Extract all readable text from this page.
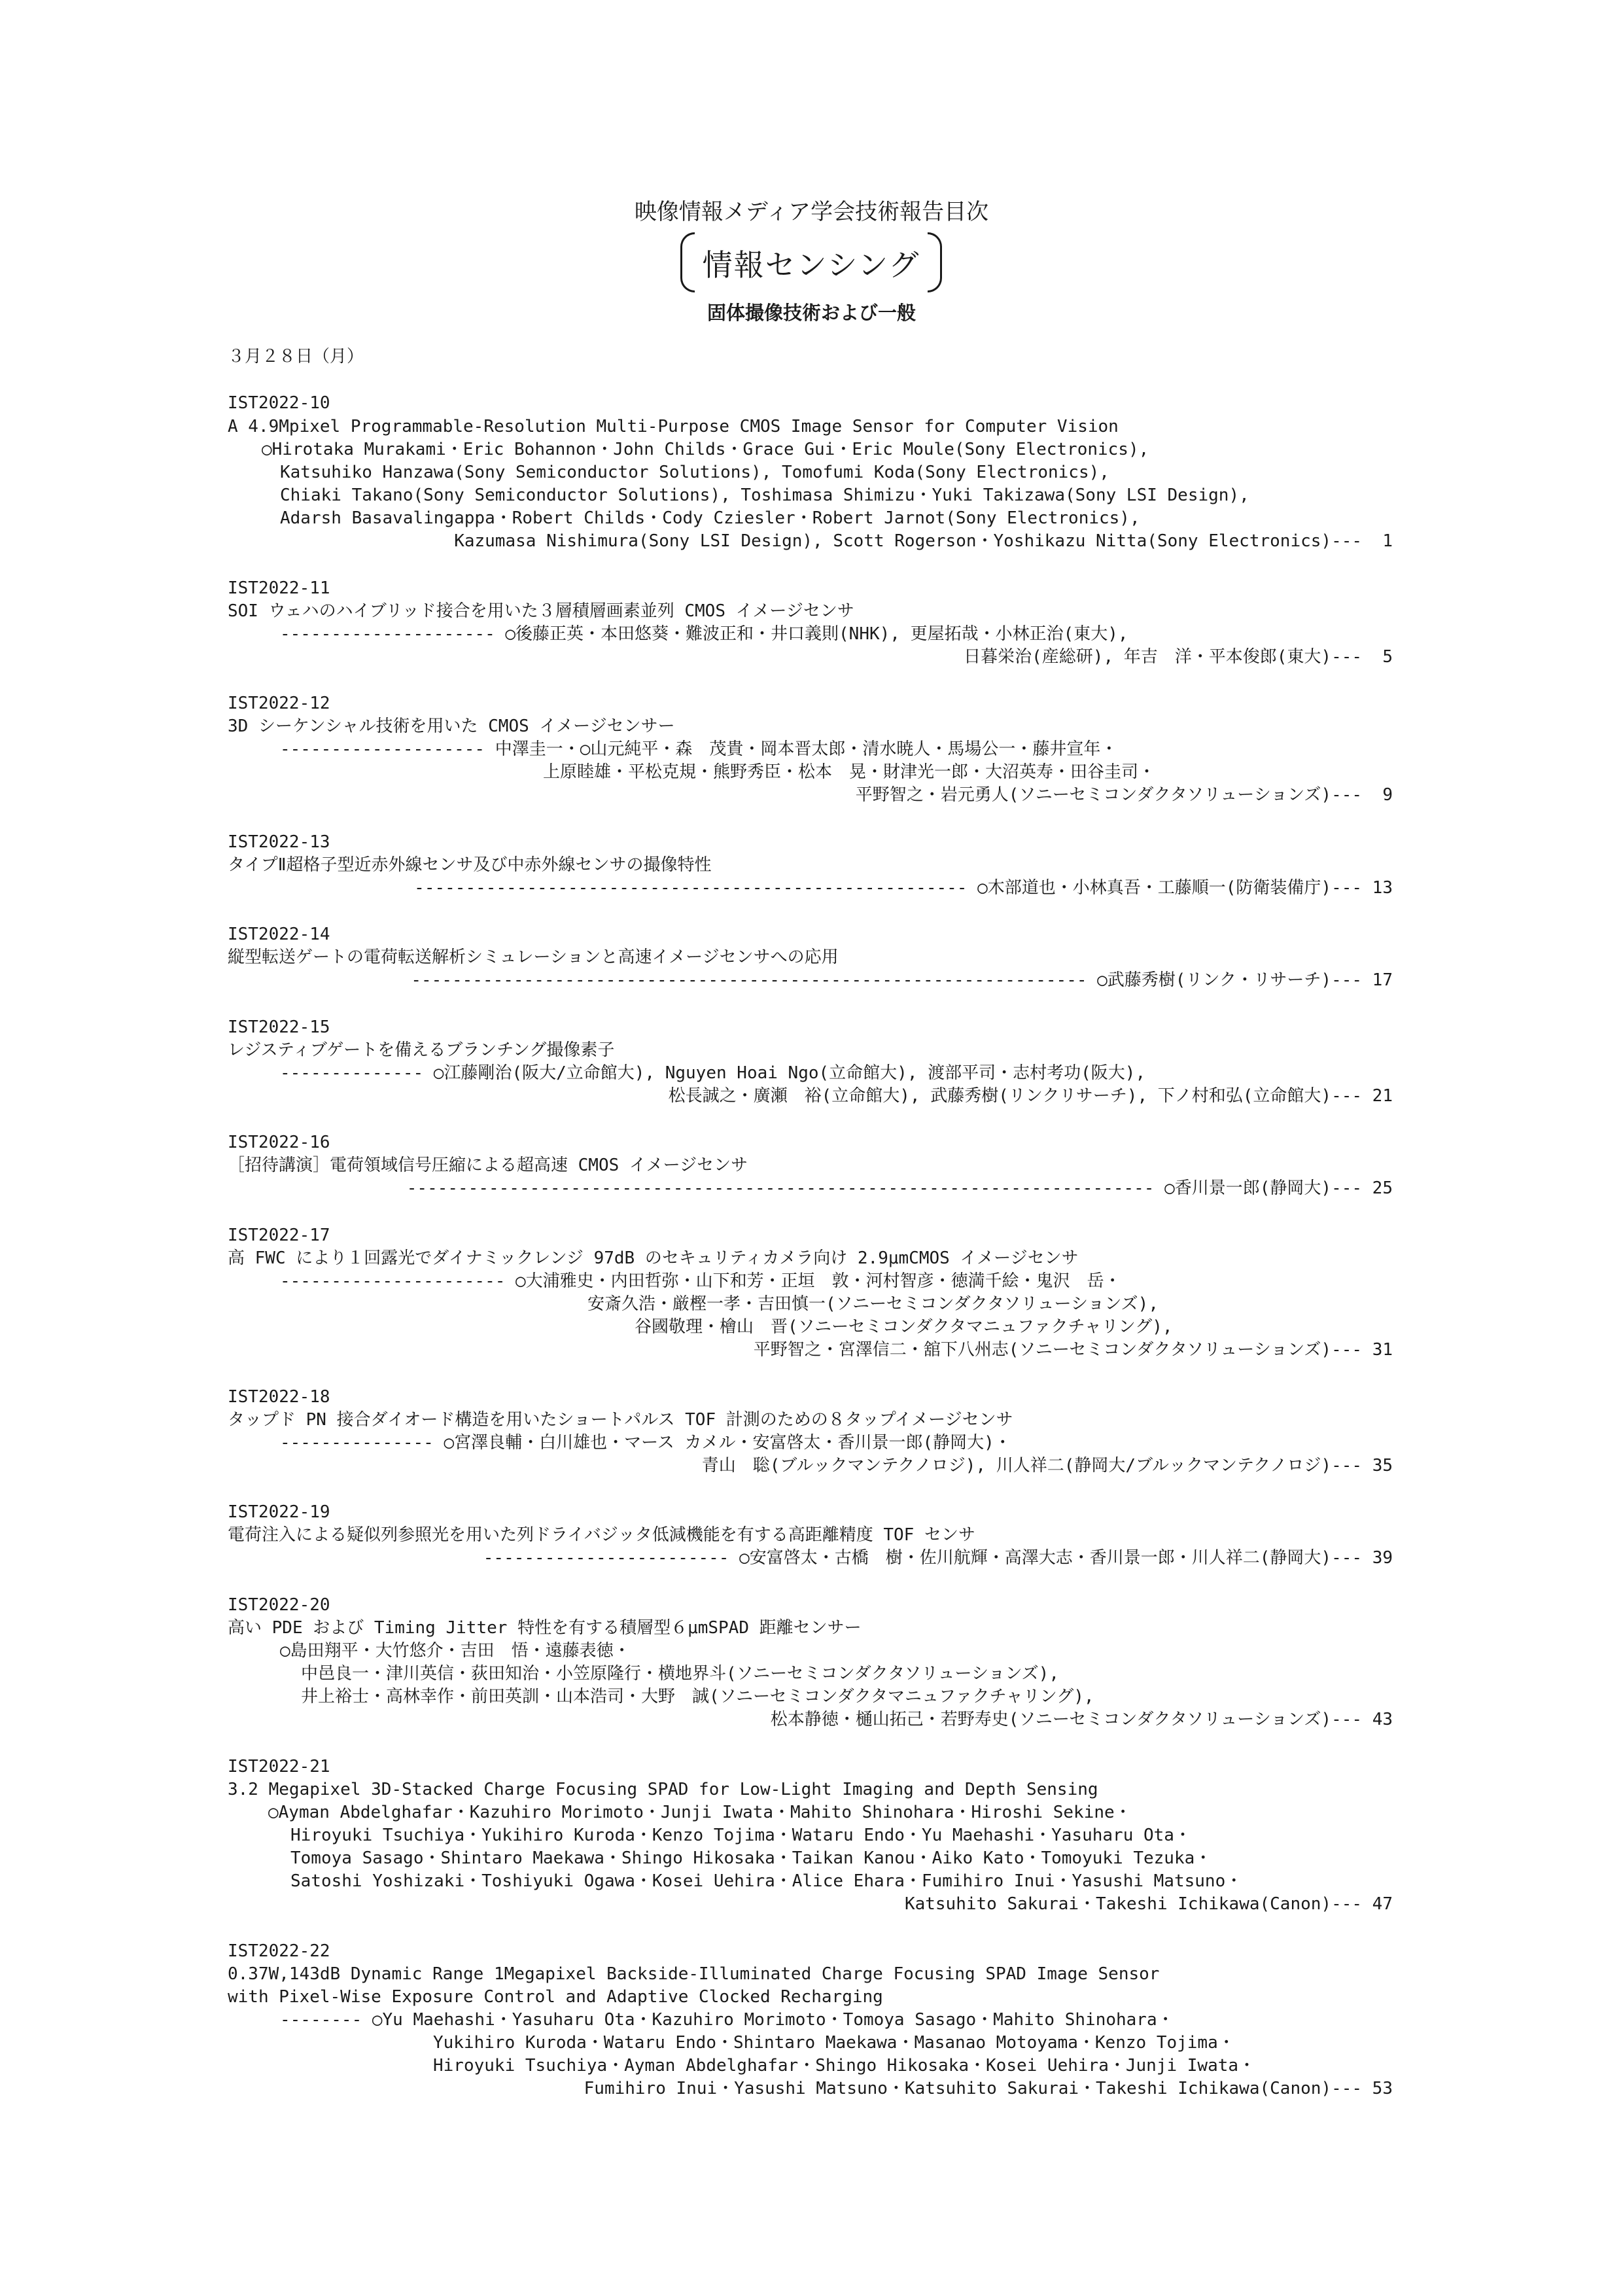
映像情報メディア学会技術報告目次
情報センシング
固体撮像技術および一般
３月２８日（月）
IST2022-10
A 4.9Mpixel Programmable-Resolution Multi-Purpose CMOS Image Sensor for Computer Vision
○Hirotaka Murakami・Eric Bohannon・John Childs・Grace Gui・Eric Moule(Sony Electronics),
Katsuhiko Hanzawa(Sony Semiconductor Solutions), Tomofumi Koda(Sony Electronics),
Chiaki Takano(Sony Semiconductor Solutions), Toshimasa Shimizu・Yuki Takizawa(Sony LSI Design),
Adarsh Basavalingappa・Robert Childs・Cody Cziesler・Robert Jarnot(Sony Electronics),
Kazumasa Nishimura(Sony LSI Design), Scott Rogerson・Yoshikazu Nitta(Sony Electronics)---  1
IST2022-11
SOI ウェハのハイブリッド接合を用いた３層積層画素並列 CMOS イメージセンサ
--------------------- ○後藤正英・本田悠葵・難波正和・井口義則(NHK), 更屋拓哉・小林正治(東大),
日暮栄治(産総研), 年吉　洋・平本俊郎(東大)---  5
IST2022-12
3D シーケンシャル技術を用いた CMOS イメージセンサー
-------------------- 中澤圭一・○山元純平・森　茂貴・岡本晋太郎・清水暁人・馬場公一・藤井宣年・
上原睦雄・平松克規・熊野秀臣・松本　晃・財津光一郎・大沼英寿・田谷圭司・
平野智之・岩元勇人(ソニーセミコンダクタソリューションズ)---  9
IST2022-13
タイプⅡ超格子型近赤外線センサ及び中赤外線センサの撮像特性
------------------------------------------------------ ○木部道也・小林真吾・工藤順一(防衛装備庁)--- 13
IST2022-14
縦型転送ゲートの電荷転送解析シミュレーションと高速イメージセンサへの応用
------------------------------------------------------------------ ○武藤秀樹(リンク・リサーチ)--- 17
IST2022-15
レジスティブゲートを備えるブランチング撮像素子
-------------- ○江藤剛治(阪大/立命館大), Nguyen Hoai Ngo(立命館大), 渡部平司・志村考功(阪大),
松長誠之・廣瀬　裕(立命館大), 武藤秀樹(リンクリサーチ), 下ノ村和弘(立命館大)--- 21
IST2022-16
［招待講演］電荷領域信号圧縮による超高速 CMOS イメージセンサ
------------------------------------------------------------------------- ○香川景一郎(静岡大)--- 25
IST2022-17
高 FWC により１回露光でダイナミックレンジ 97dB のセキュリティカメラ向け 2.9μmCMOS イメージセンサ
---------------------- ○大浦雅史・内田哲弥・山下和芳・正垣　敦・河村智彦・徳満千絵・鬼沢　岳・
安斎久浩・厳樫一孝・吉田慎一(ソニーセミコンダクタソリューションズ),
谷國敬理・檜山　晋(ソニーセミコンダクタマニュファクチャリング),
平野智之・宮澤信二・舘下八州志(ソニーセミコンダクタソリューションズ)--- 31
IST2022-18
タップド PN 接合ダイオード構造を用いたショートパルス TOF 計測のための８タップイメージセンサ
--------------- ○宮澤良輔・白川雄也・マース カメル・安富啓太・香川景一郎(静岡大)・
青山　聡(ブルックマンテクノロジ), 川人祥二(静岡大/ブルックマンテクノロジ)--- 35
IST2022-19
電荷注入による疑似列参照光を用いた列ドライバジッタ低減機能を有する高距離精度 TOF センサ
------------------------ ○安富啓太・古橋　樹・佐川航輝・高澤大志・香川景一郎・川人祥二(静岡大)--- 39
IST2022-20
高い PDE および Timing Jitter 特性を有する積層型６μmSPAD 距離センサー
○島田翔平・大竹悠介・吉田　悟・遠藤表徳・
中邑良一・津川英信・荻田知治・小笠原隆行・横地界斗(ソニーセミコンダクタソリューションズ),
井上裕士・高林幸作・前田英訓・山本浩司・大野　誠(ソニーセミコンダクタマニュファクチャリング),
松本静徳・樋山拓己・若野寿史(ソニーセミコンダクタソリューションズ)--- 43
IST2022-21
3.2 Megapixel 3D-Stacked Charge Focusing SPAD for Low-Light Imaging and Depth Sensing
○Ayman Abdelghafar・Kazuhiro Morimoto・Junji Iwata・Mahito Shinohara・Hiroshi Sekine・
Hiroyuki Tsuchiya・Yukihiro Kuroda・Kenzo Tojima・Wataru Endo・Yu Maehashi・Yasuharu Ota・
Tomoya Sasago・Shintaro Maekawa・Shingo Hikosaka・Taikan Kanou・Aiko Kato・Tomoyuki Tezuka・
Satoshi Yoshizaki・Toshiyuki Ogawa・Kosei Uehira・Alice Ehara・Fumihiro Inui・Yasushi Matsuno・
Katsuhito Sakurai・Takeshi Ichikawa(Canon)--- 47
IST2022-22
0.37W,143dB Dynamic Range 1Megapixel Backside-Illuminated Charge Focusing SPAD Image Sensor
with Pixel-Wise Exposure Control and Adaptive Clocked Recharging
-------- ○Yu Maehashi・Yasuharu Ota・Kazuhiro Morimoto・Tomoya Sasago・Mahito Shinohara・
Yukihiro Kuroda・Wataru Endo・Shintaro Maekawa・Masanao Motoyama・Kenzo Tojima・
Hiroyuki Tsuchiya・Ayman Abdelghafar・Shingo Hikosaka・Kosei Uehira・Junji Iwata・
Fumihiro Inui・Yasushi Matsuno・Katsuhito Sakurai・Takeshi Ichikawa(Canon)--- 53
